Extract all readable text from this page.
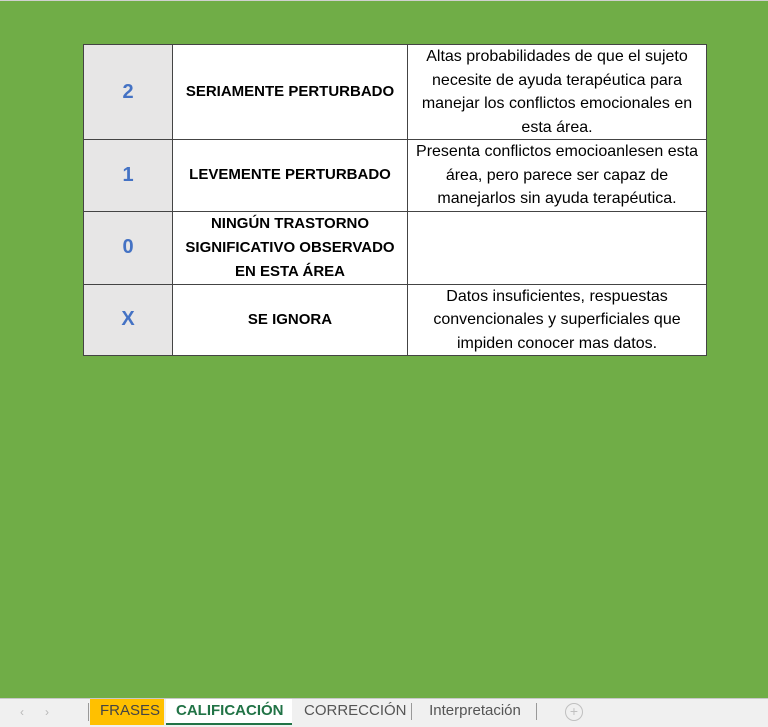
2	SERIAMENTE PERTURBADO	Altas probabilidades de que el sujeto necesite de ayuda terapéutica para manejar los conflictos emocionales en esta área.
1	LEVEMENTE PERTURBADO	Presenta conflictos emocioanlesen esta área, pero parece ser capaz de manejarlos sin ayuda terapéutica.
0	NINGÚN TRASTORNO SIGNIFICATIVO OBSERVADO EN ESTA ÁREA	
X	SE IGNORA	Datos insuficientes, respuestas convencionales y superficiales que impiden conocer mas datos.
‹ ›	FRASES	CALIFICACIÓN	CORRECCIÓN	Interpretación	+
